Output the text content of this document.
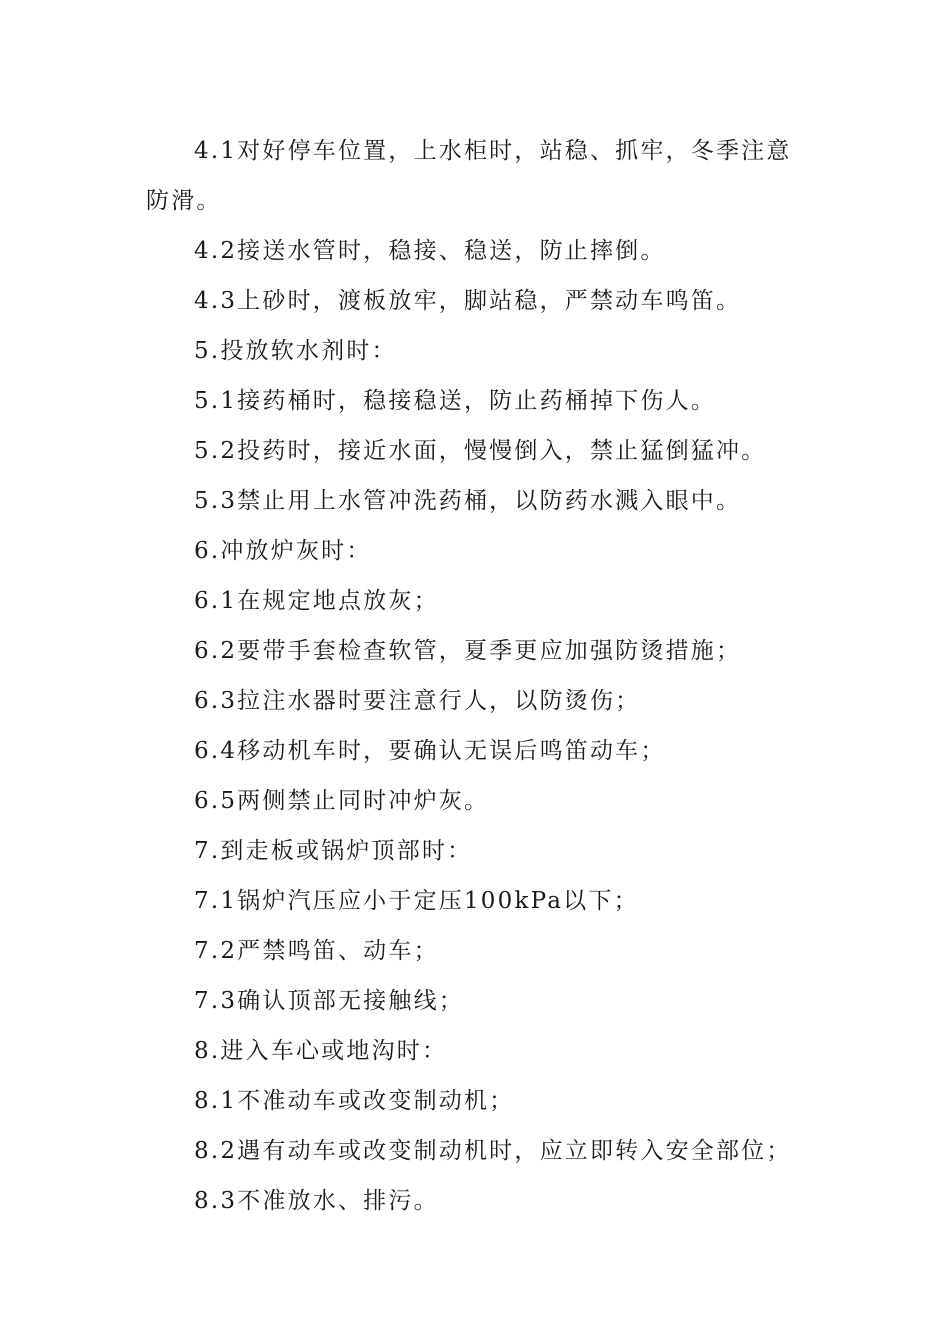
4.1对好停车位置，上水柜时，站稳、抓牢，冬季注意防滑。

4.2接送水管时，稳接、稳送，防止摔倒。

4.3上砂时，渡板放牢，脚站稳，严禁动车鸣笛。

5.投放软水剂时：

5.1接药桶时，稳接稳送，防止药桶掉下伤人。

5.2投药时，接近水面，慢慢倒入，禁止猛倒猛冲。

5.3禁止用上水管冲洗药桶，以防药水溅入眼中。

6.冲放炉灰时：

6.1在规定地点放灰；

6.2要带手套检查软管，夏季更应加强防烫措施；

6.3拉注水器时要注意行人，以防烫伤；

6.4移动机车时，要确认无误后鸣笛动车；

6.5两侧禁止同时冲炉灰。

7.到走板或锅炉顶部时：

7.1锅炉汽压应小于定压100kPa以下；

7.2严禁鸣笛、动车；

7.3确认顶部无接触线；

8.进入车心或地沟时：

8.1不准动车或改变制动机；

8.2遇有动车或改变制动机时，应立即转入安全部位；

8.3不准放水、排污。
